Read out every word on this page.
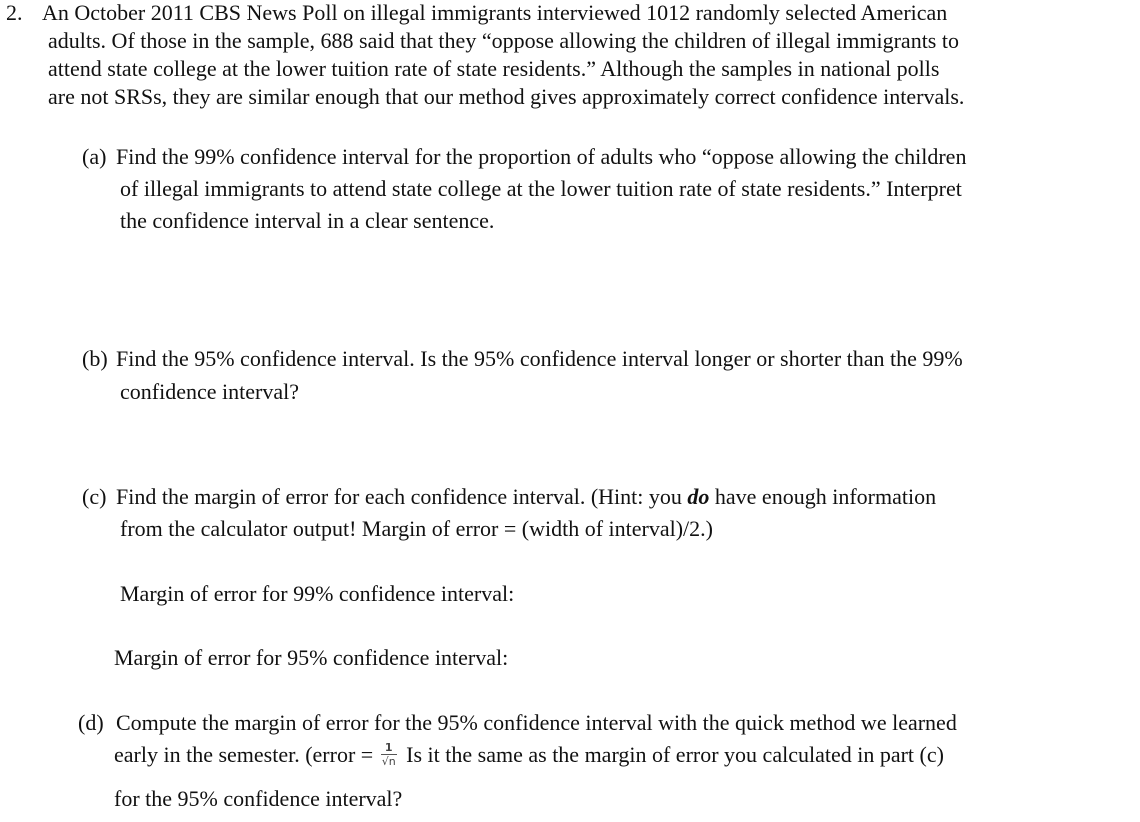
2. An October 2011 CBS News Poll on illegal immigrants interviewed 1012 randomly selected American
adults. Of those in the sample, 688 said that they “oppose allowing the children of illegal immigrants to
attend state college at the lower tuition rate of state residents.” Although the samples in national polls
are not SRSs, they are similar enough that our method gives approximately correct confidence intervals.
(a) Find the 99% confidence interval for the proportion of adults who “oppose allowing the children
of illegal immigrants to attend state college at the lower tuition rate of state residents.” Interpret
the confidence interval in a clear sentence.
(b) Find the 95% confidence interval. Is the 95% confidence interval longer or shorter than the 99%
confidence interval?
(c) Find the margin of error for each confidence interval. (Hint: you do have enough information
from the calculator output! Margin of error = (width of interval)/2.)
Margin of error for 99% confidence interval:
Margin of error for 95% confidence interval:
(d) Compute the margin of error for the 95% confidence interval with the quick method we learned
early in the semester. (error = $\frac{1}{√n}$ Is it the same as the margin of error you calculated in part (c)
for the 95% confidence interval?
